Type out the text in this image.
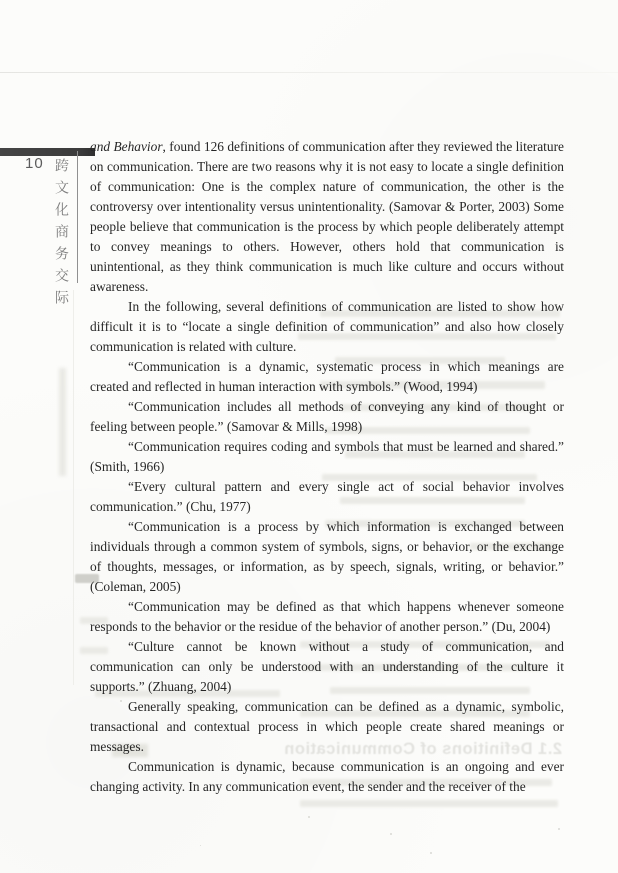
10 跨文化商务交际
2.1 Definitions of Communication

and Behavior, found 126 definitions of communication after they reviewed the literature on communication. There are two reasons why it is not easy to locate a single definition of communication: One is the complex nature of communication, the other is the controversy over intentionality versus unintentionality. (Samovar & Porter, 2003) Some people believe that communication is the process by which people deliberately attempt to convey meanings to others. However, others hold that communication is unintentional, as they think communication is much like culture and occurs without awareness.

In the following, several definitions of communication are listed to show how difficult it is to “locate a single definition of communication” and also how closely communication is related with culture.

“Communication is a dynamic, systematic process in which meanings are created and reflected in human interaction with symbols.” (Wood, 1994)

“Communication includes all methods of conveying any kind of thought or feeling between people.” (Samovar & Mills, 1998)

“Communication requires coding and symbols that must be learned and shared.” (Smith, 1966)

“Every cultural pattern and every single act of social behavior involves communication.” (Chu, 1977)

“Communication is a process by which information is exchanged between individuals through a common system of symbols, signs, or behavior, or the exchange of thoughts, messages, or information, as by speech, signals, writing, or behavior.” (Coleman, 2005)

“Communication may be defined as that which happens whenever someone responds to the behavior or the residue of the behavior of another person.” (Du, 2004)

“Culture cannot be known without a study of communication, and communication can only be understood with an understanding of the culture it supports.” (Zhuang, 2004)

Generally speaking, communication can be defined as a dynamic, symbolic, transactional and contextual process in which people create shared meanings or messages.

Communication is dynamic, because communication is an ongoing and ever changing activity. In any communication event, the sender and the receiver of the
